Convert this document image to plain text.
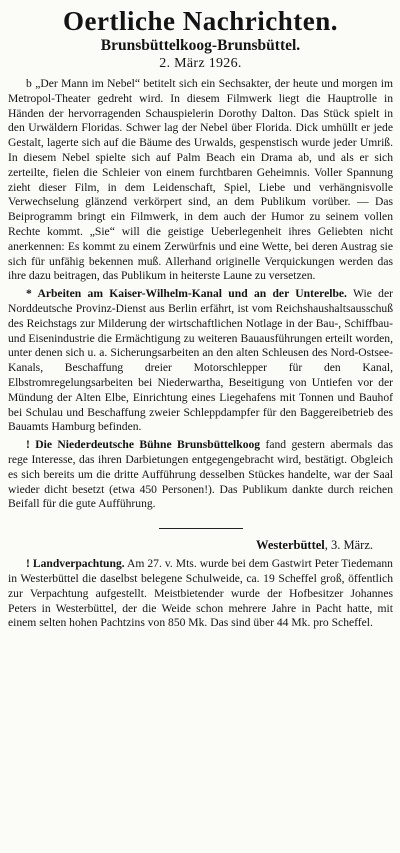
Oertliche Nachrichten.

Brunsbüttelkoog-Brunsbüttel.

2. März 1926.

b „Der Mann im Nebel“ betitelt sich ein Sechsakter, der heute und morgen im Metropol-Theater gedreht wird. In diesem Filmwerk liegt die Hauptrolle in Händen der hervorragenden Schauspielerin Dorothy Dalton. Das Stück spielt in den Urwäldern Floridas. Schwer lag der Nebel über Florida. Dick umhüllt er jede Gestalt, lagerte sich auf die Bäume des Urwalds, gespenstisch wurde jeder Umriß. In diesem Nebel spielte sich auf Palm Beach ein Drama ab, und als er sich zerteilte, fielen die Schleier von einem furchtbaren Geheimnis. Voller Spannung zieht dieser Film, in dem Leidenschaft, Spiel, Liebe und verhängnisvolle Verwechselung glänzend verkörpert sind, an dem Publikum vorüber. — Das Beiprogramm bringt ein Filmwerk, in dem auch der Humor zu seinem vollen Rechte kommt. „Sie“ will die geistige Ueberlegenheit ihres Geliebten nicht anerkennen: Es kommt zu einem Zerwürfnis und eine Wette, bei deren Austrag sie sich für unfähig bekennen muß. Allerhand originelle Verquickungen werden das ihre dazu beitragen, das Publikum in heiterste Laune zu versetzen.

* Arbeiten am Kaiser-Wilhelm-Kanal und an der Unterelbe. Wie der Norddeutsche Provinz-Dienst aus Berlin erfährt, ist vom Reichshaushaltsausschuß des Reichstags zur Milderung der wirtschaftlichen Notlage in der Bau-, Schiffbau- und Eisenindustrie die Ermächtigung zu weiteren Bauausführungen erteilt worden, unter denen sich u. a. Sicherungsarbeiten an den alten Schleusen des Nord-Ostsee-Kanals, Beschaffung dreier Motorschlepper für den Kanal, Elbstromregelungsarbeiten bei Niederwartha, Beseitigung von Untiefen vor der Mündung der Alten Elbe, Einrichtung eines Liegehafens mit Tonnen und Bauhof bei Schulau und Beschaffung zweier Schleppdampfer für den Baggereibetrieb des Bauamts Hamburg befinden.

! Die Niederdeutsche Bühne Brunsbüttelkoog fand gestern abermals das rege Interesse, das ihren Darbietungen entgegengebracht wird, bestätigt. Obgleich es sich bereits um die dritte Aufführung desselben Stückes handelte, war der Saal wieder dicht besetzt (etwa 450 Personen!). Das Publikum dankte durch reichen Beifall für die gute Aufführung.

Westerbüttel, 3. März.

! Landverpachtung. Am 27. v. Mts. wurde bei dem Gastwirt Peter Tiedemann in Westerbüttel die daselbst belegene Schulweide, ca. 19 Scheffel groß, öffentlich zur Verpachtung aufgestellt. Meistbietender wurde der Hofbesitzer Johannes Peters in Westerbüttel, der die Weide schon mehrere Jahre in Pacht hatte, mit einem selten hohen Pachtzins von 850 Mk. Das sind über 44 Mk. pro Scheffel.
